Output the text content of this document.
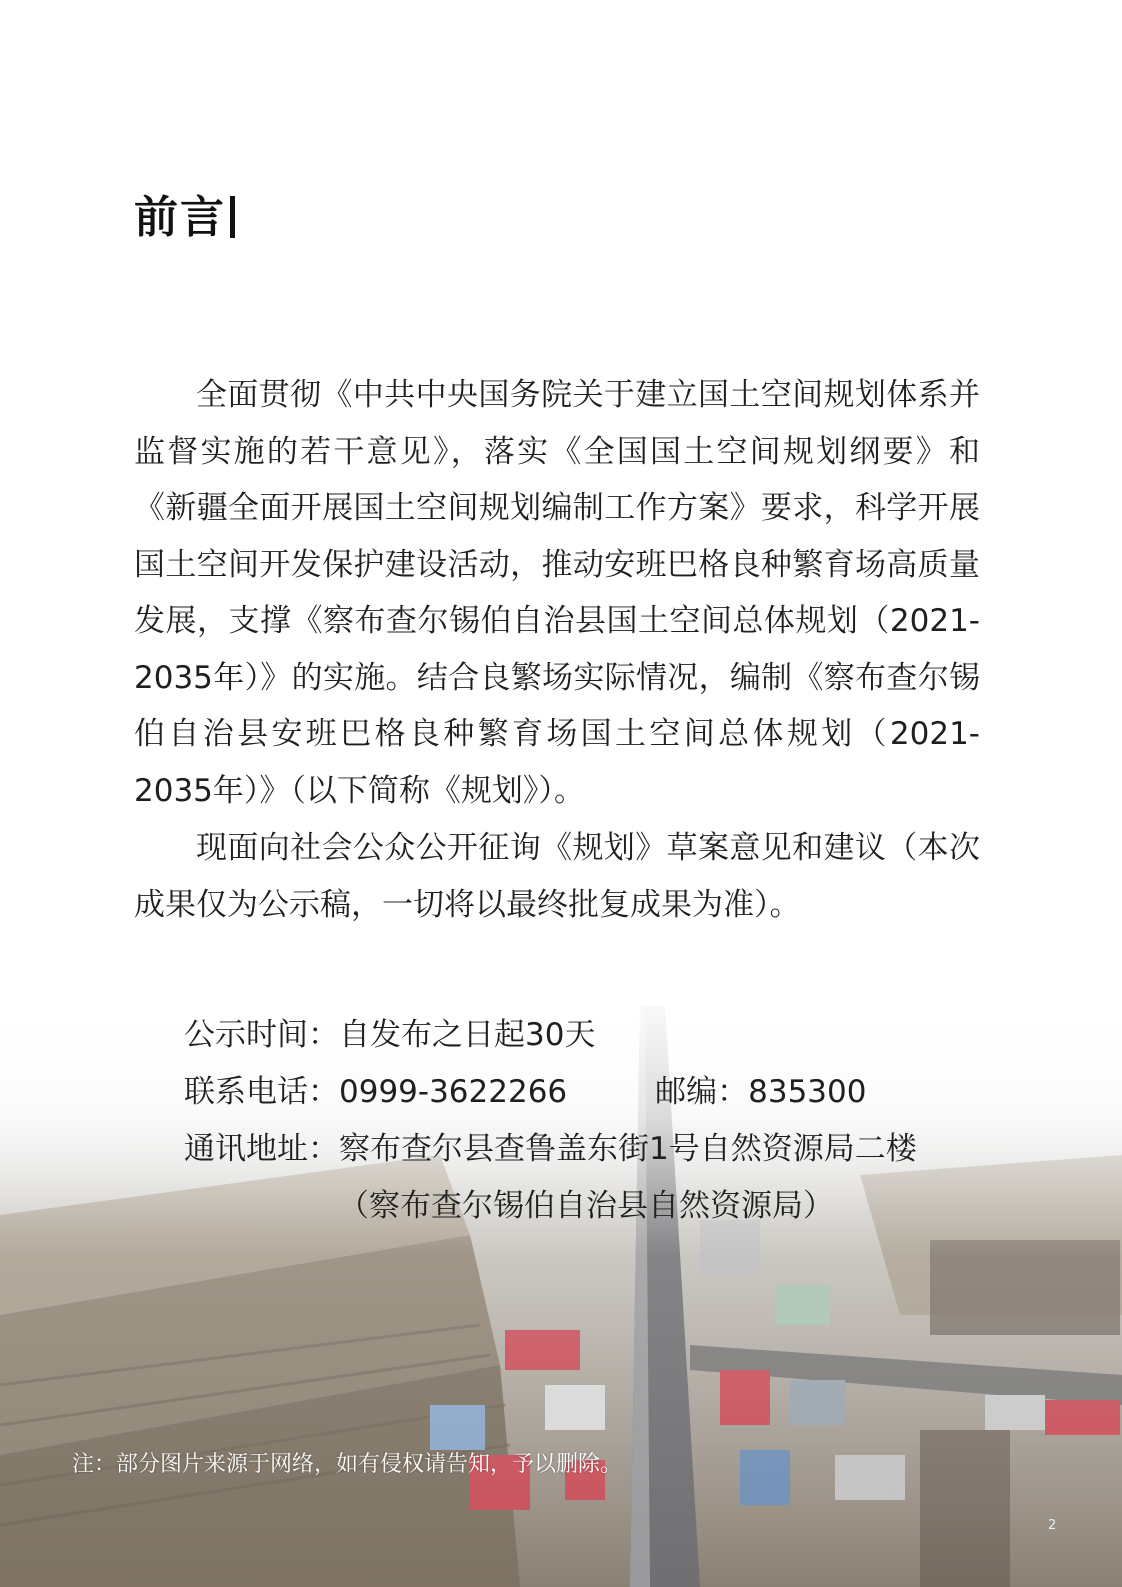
前言

全面贯彻《中共中央国务院关于建立国土空间规划体系并监督实施的若干意见》，落实《全国国土空间规划纲要》和《新疆全面开展国土空间规划编制工作方案》要求，科学开展国土空间开发保护建设活动，推动安班巴格良种繁育场高质量发展，支撑《察布查尔锡伯自治县国土空间总体规划（2021-2035年）》的实施。结合良繁场实际情况，编制《察布查尔锡伯自治县安班巴格良种繁育场国土空间总体规划（2021-2035年）》（以下简称《规划》）。

现面向社会公众公开征询《规划》草案意见和建议（本次成果仅为公示稿，一切将以最终批复成果为准）。

公示时间：自发布之日起30天
联系电话：0999-3622266	邮编：835300
通讯地址：察布查尔县查鲁盖东街1号自然资源局二楼
（察布查尔锡伯自治县自然资源局）
注：部分图片来源于网络，如有侵权请告知，予以删除。
2
